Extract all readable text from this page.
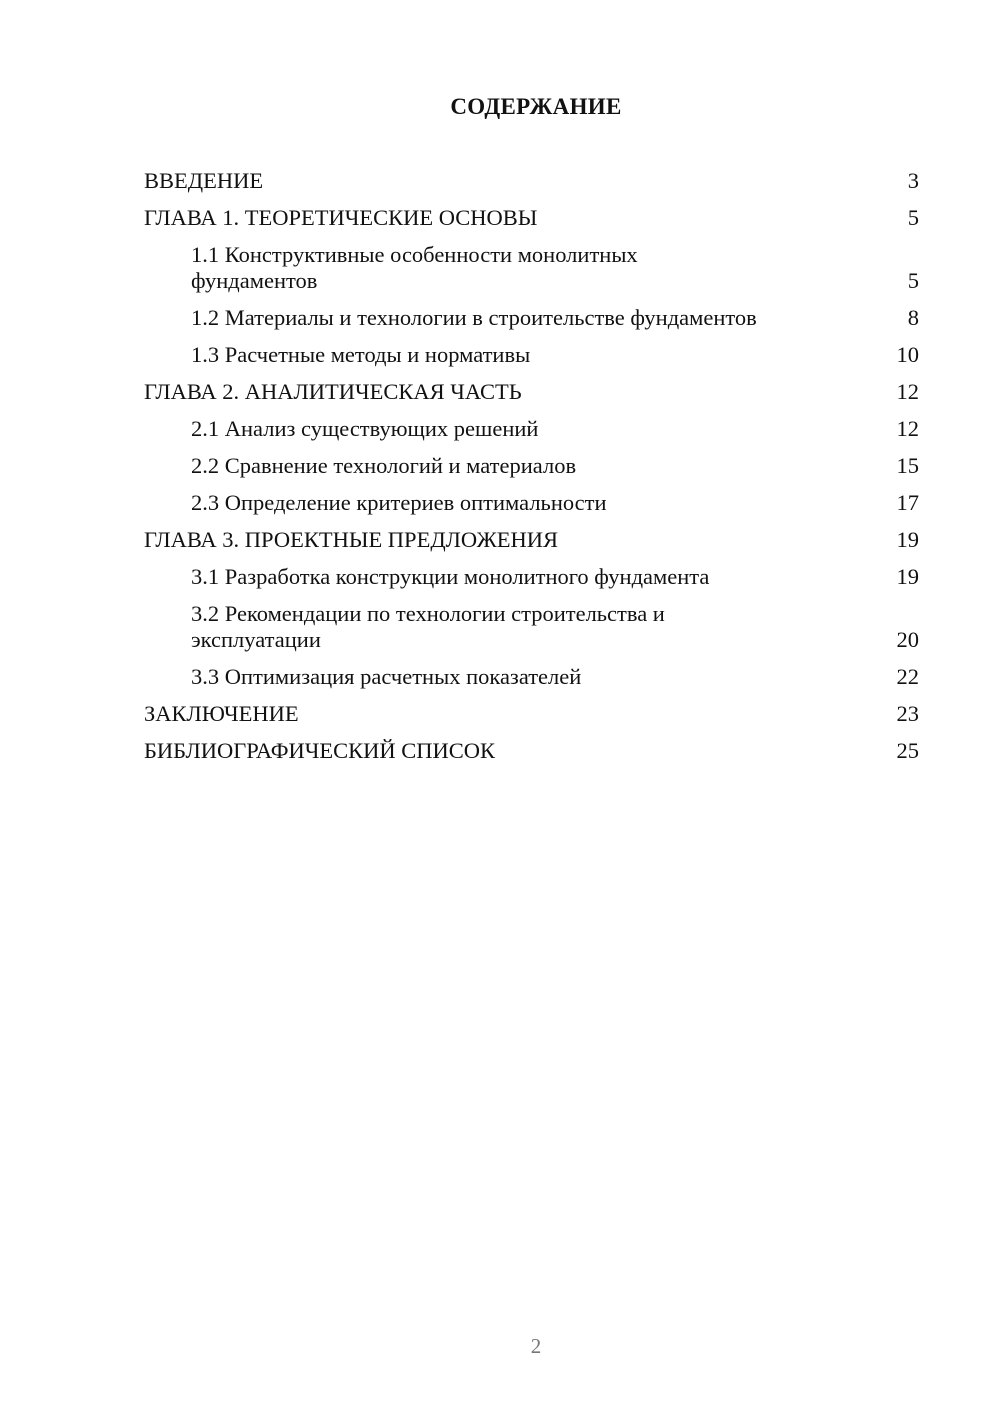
СОДЕРЖАНИЕ
ВВЕДЕНИЕ	3
ГЛАВА 1. ТЕОРЕТИЧЕСКИЕ ОСНОВЫ	5
1.1 Конструктивные особенности монолитных
фундаментов	5
1.2 Материалы и технологии в строительстве фундаментов	8
1.3 Расчетные методы и нормативы	10
ГЛАВА 2. АНАЛИТИЧЕСКАЯ ЧАСТЬ	12
2.1 Анализ существующих решений	12
2.2 Сравнение технологий и материалов	15
2.3 Определение критериев оптимальности	17
ГЛАВА 3. ПРОЕКТНЫЕ ПРЕДЛОЖЕНИЯ	19
3.1 Разработка конструкции монолитного фундамента	19
3.2 Рекомендации по технологии строительства и
эксплуатации	20
3.3 Оптимизация расчетных показателей	22
ЗАКЛЮЧЕНИЕ	23
БИБЛИОГРАФИЧЕСКИЙ СПИСОК	25
2
